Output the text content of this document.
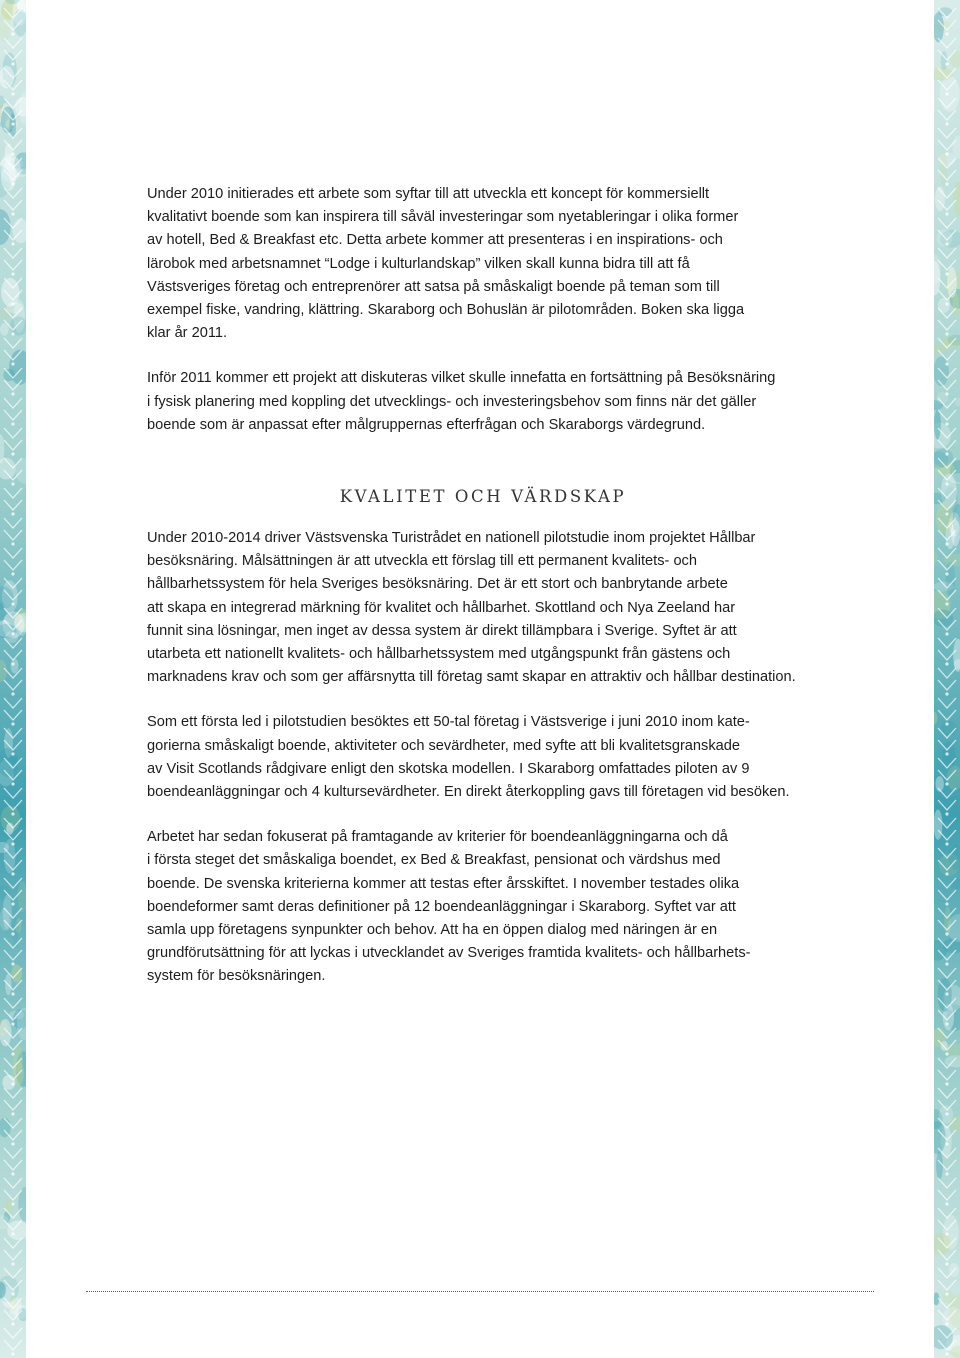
Under 2010 initierades ett arbete som syftar till att utveckla ett koncept för kommersiellt
kvalitativt boende som kan inspirera till såväl investeringar som nyetableringar i olika former
av hotell, Bed & Breakfast etc. Detta arbete kommer att presenteras i en inspirations- och
lärobok med arbetsnamnet “Lodge i kulturlandskap” vilken skall kunna bidra till att få
Västsveriges företag och entreprenörer att satsa på småskaligt boende på teman som till
exempel fiske, vandring, klättring. Skaraborg och Bohuslän är pilotområden. Boken ska ligga
klar år 2011.

Inför 2011 kommer ett projekt att diskuteras vilket skulle innefatta en fortsättning på Besöksnäring
i fysisk planering med koppling det utvecklings- och investeringsbehov som finns när det gäller
boende som är anpassat efter målgruppernas efterfrågan och Skaraborgs värdegrund.

KVALITET OCH VÄRDSKAP

Under 2010-2014 driver Västsvenska Turistrådet en nationell pilotstudie inom projektet Hållbar
besöksnäring. Målsättningen är att utveckla ett förslag till ett permanent kvalitets- och
hållbarhetssystem för hela Sveriges besöksnäring. Det är ett stort och banbrytande arbete
att skapa en integrerad märkning för kvalitet och hållbarhet. Skottland och Nya Zeeland har
funnit sina lösningar, men inget av dessa system är direkt tillämpbara i Sverige. Syftet är att
utarbeta ett nationellt kvalitets- och hållbarhetssystem med utgångspunkt från gästens och
marknadens krav och som ger affärsnytta till företag samt skapar en attraktiv och hållbar destination.

Som ett första led i pilotstudien besöktes ett 50-tal företag i Västsverige i juni 2010 inom kate-
gorierna småskaligt boende, aktiviteter och sevärdheter, med syfte att bli kvalitetsgranskade
av Visit Scotlands rådgivare enligt den skotska modellen. I Skaraborg omfattades piloten av 9
boendeanläggningar och 4 kultursevärdheter. En direkt återkoppling gavs till företagen vid besöken.

Arbetet har sedan fokuserat på framtagande av kriterier för boendeanläggningarna och då
i första steget det småskaliga boendet, ex Bed & Breakfast, pensionat och värdshus med
boende. De svenska kriterierna kommer att testas efter årsskiftet. I november testades olika
boendeformer samt deras definitioner på 12 boendeanläggningar i Skaraborg. Syftet var att
samla upp företagens synpunkter och behov. Att ha en öppen dialog med näringen är en
grundförutsättning för att lyckas i utvecklandet av Sveriges framtida kvalitets- och hållbarhets-
system för besöksnäringen.
